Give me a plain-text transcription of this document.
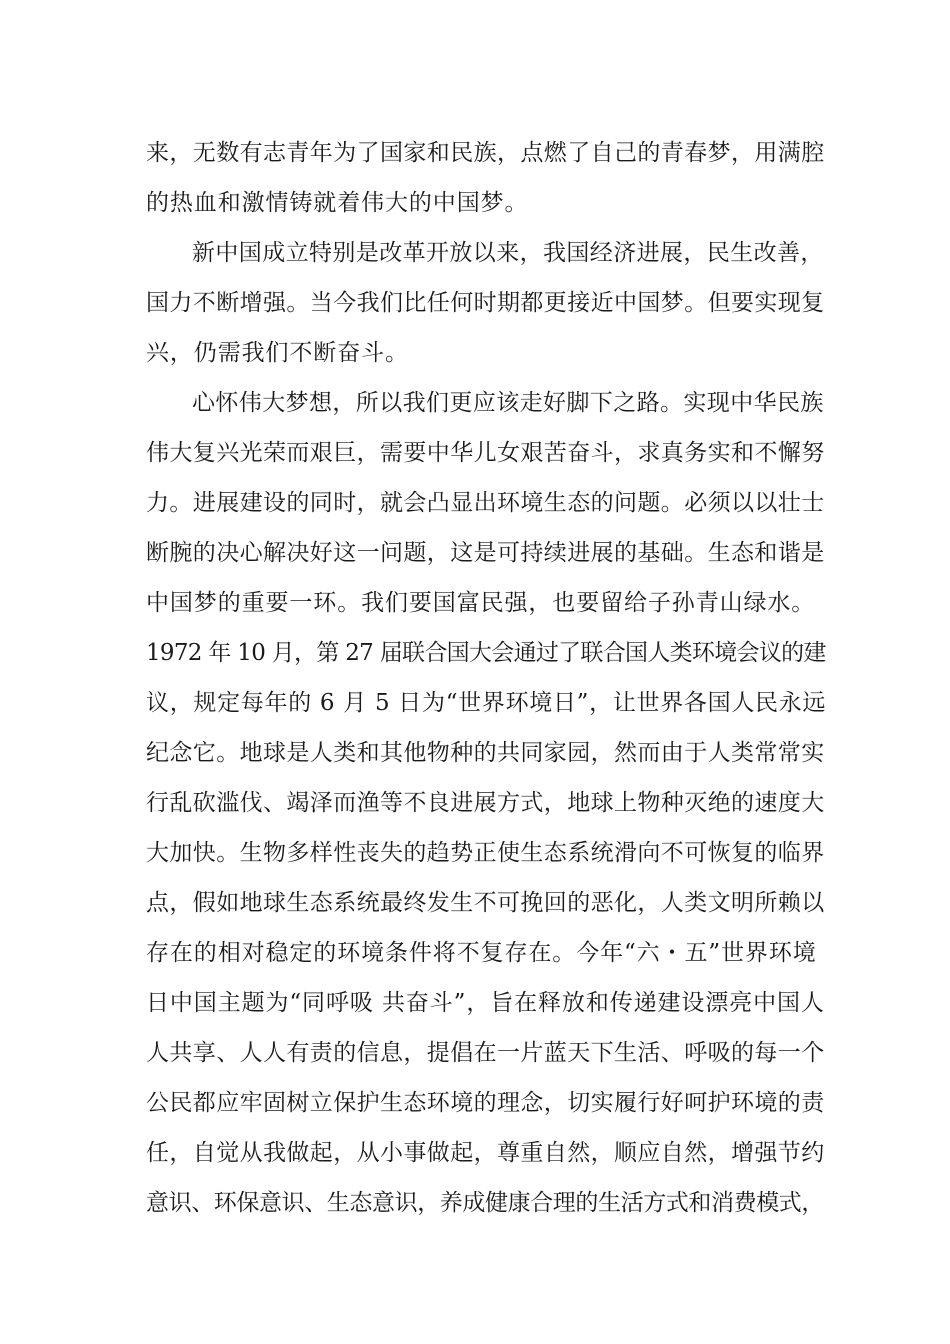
来，无数有志青年为了国家和民族，点燃了自己的青春梦，用满腔
的热血和激情铸就着伟大的中国梦。
新中国成立特别是改革开放以来，我国经济进展，民生改善，
国力不断增强。当今我们比任何时期都更接近中国梦。但要实现复
兴，仍需我们不断奋斗。
心怀伟大梦想，所以我们更应该走好脚下之路。实现中华民族
伟大复兴光荣而艰巨，需要中华儿女艰苦奋斗，求真务实和不懈努
力。进展建设的同时，就会凸显出环境生态的问题。必须以以壮士
断腕的决心解决好这一问题，这是可持续进展的基础。生态和谐是
中国梦的重要一环。我们要国富民强，也要留给子孙青山绿水。
1972 年 10 月，第 27 届联合国大会通过了联合国人类环境会议的建
议，规定每年的 6 月 5 日为“世界环境日”，让世界各国人民永远
纪念它。地球是人类和其他物种的共同家园，然而由于人类常常实
行乱砍滥伐、竭泽而渔等不良进展方式，地球上物种灭绝的速度大
大加快。生物多样性丧失的趋势正使生态系统滑向不可恢复的临界
点，假如地球生态系统最终发生不可挽回的恶化，人类文明所赖以
存在的相对稳定的环境条件将不复存在。今年“六・五”世界环境
日中国主题为“同呼吸 共奋斗”，旨在释放和传递建设漂亮中国人
人共享、人人有责的信息，提倡在一片蓝天下生活、呼吸的每一个
公民都应牢固树立保护生态环境的理念，切实履行好呵护环境的责
任，自觉从我做起，从小事做起，尊重自然，顺应自然，增强节约
意识、环保意识、生态意识，养成健康合理的生活方式和消费模式，
